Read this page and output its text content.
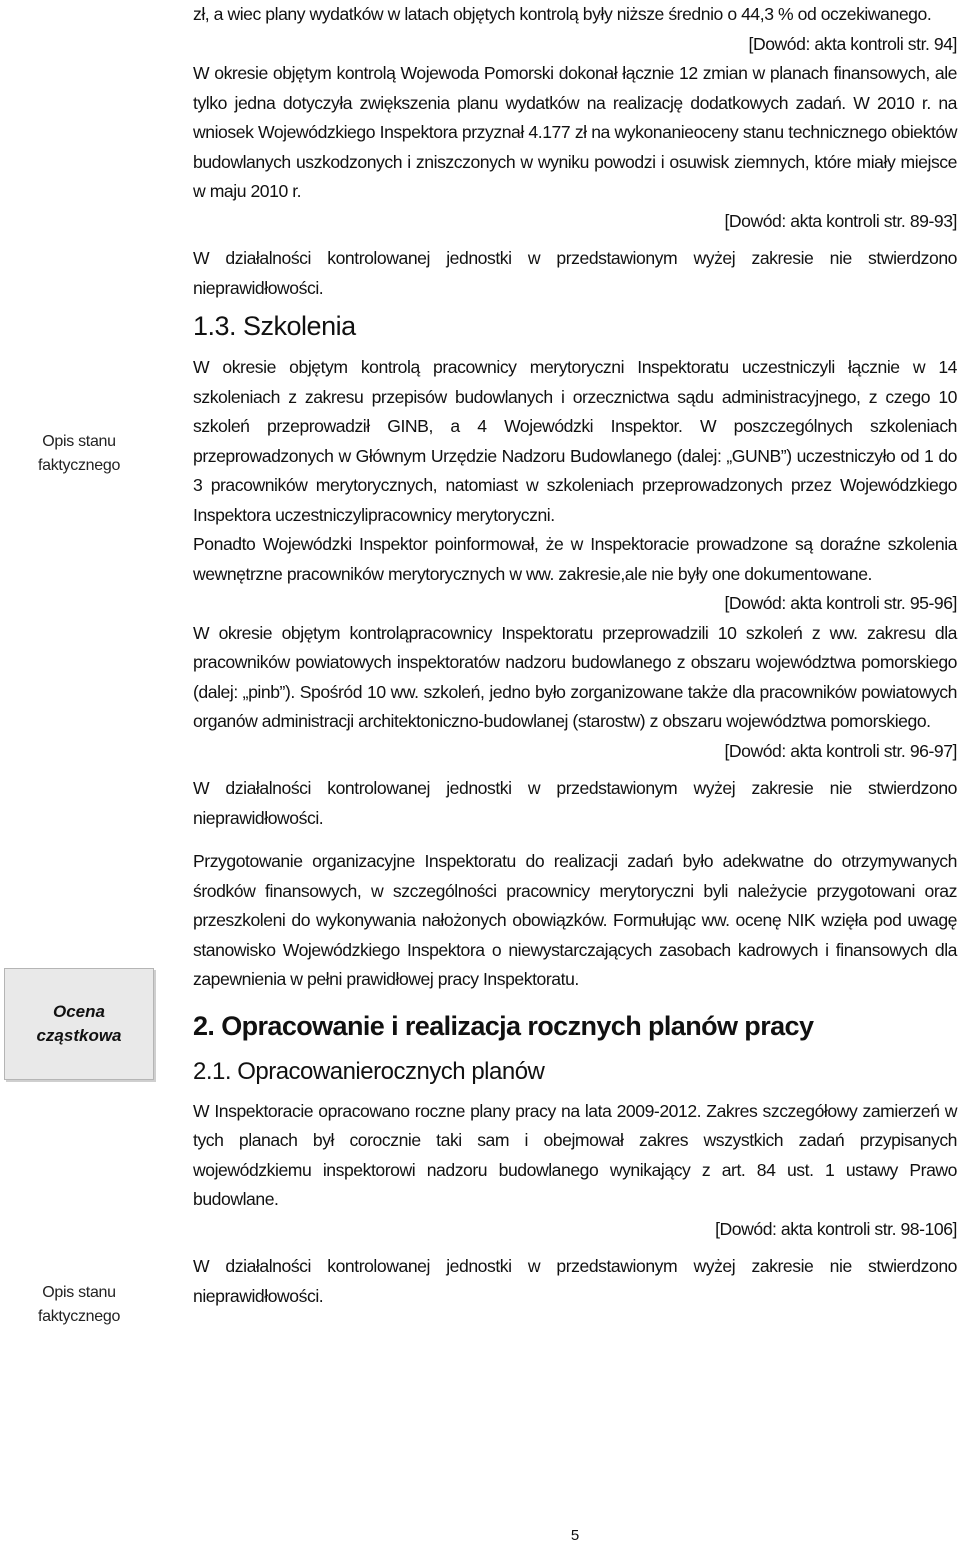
Opis stanu
faktycznego
Ocena
cząstkowa
Opis stanu
faktycznego

zł, a wiec plany wydatków w latach objętych kontrolą były niższe średnio o 44,3 % od oczekiwanego.

[Dowód: akta kontroli str. 94]

W okresie objętym kontrolą Wojewoda Pomorski dokonał łącznie 12 zmian w planach finansowych, ale tylko jedna dotyczyła zwiększenia planu wydatków na realizację dodatkowych zadań. W 2010 r. na wniosek Wojewódzkiego Inspektora przyznał 4.177 zł na wykonanieoceny stanu technicznego obiektów budowlanych uszkodzonych i zniszczonych w wyniku powodzi i osuwisk ziemnych, które miały miejsce w maju 2010 r.

[Dowód: akta kontroli str. 89-93]

W działalności kontrolowanej jednostki w przedstawionym wyżej zakresie nie stwierdzono nieprawidłowości.

1.3. Szkolenia

W okresie objętym kontrolą pracownicy merytoryczni Inspektoratu uczestniczyli łącznie w 14 szkoleniach z zakresu przepisów budowlanych i orzecznictwa sądu administracyjnego, z czego 10 szkoleń przeprowadził GINB, a 4 Wojewódzki Inspektor. W poszczególnych szkoleniach przeprowadzonych w Głównym Urzędzie Nadzoru Budowlanego (dalej: „GUNB”) uczestniczyło od 1 do 3 pracowników merytorycznych, natomiast w szkoleniach przeprowadzonych przez Wojewódzkiego Inspektora uczestniczylipracownicy merytoryczni.

Ponadto Wojewódzki Inspektor poinformował, że w Inspektoracie prowadzone są doraźne szkolenia wewnętrzne pracowników merytorycznych w ww. zakresie,ale nie były one dokumentowane.

[Dowód: akta kontroli str. 95-96]

W okresie objętym kontroląpracownicy Inspektoratu przeprowadzili 10 szkoleń z ww. zakresu dla pracowników powiatowych inspektoratów nadzoru budowlanego z obszaru województwa pomorskiego (dalej: „pinb”). Spośród 10 ww. szkoleń, jedno było zorganizowane także dla pracowników powiatowych organów administracji architektoniczno-budowlanej (starostw) z obszaru województwa pomorskiego.

[Dowód: akta kontroli str. 96-97]

W działalności kontrolowanej jednostki w przedstawionym wyżej zakresie nie stwierdzono nieprawidłowości.

Przygotowanie organizacyjne Inspektoratu do realizacji zadań było adekwatne do otrzymywanych środków finansowych, w szczególności pracownicy merytoryczni byli należycie przygotowani oraz przeszkoleni do wykonywania nałożonych obowiązków. Formułując ww. ocenę NIK wzięła pod uwagę stanowisko Wojewódzkiego Inspektora o niewystarczających zasobach kadrowych i finansowych dla zapewnienia w pełni prawidłowej pracy Inspektoratu.

2. Opracowanie i realizacja rocznych planów pracy
2.1. Opracowanierocznych planów

W Inspektoracie opracowano roczne plany pracy na lata 2009-2012. Zakres szczegółowy zamierzeń w tych planach był corocznie taki sam i obejmował zakres wszystkich zadań przypisanych wojewódzkiemu inspektorowi nadzoru budowlanego wynikający z art. 84 ust. 1 ustawy Prawo budowlane.

[Dowód: akta kontroli str. 98-106]

W działalności kontrolowanej jednostki w przedstawionym wyżej zakresie nie stwierdzono nieprawidłowości.

5
